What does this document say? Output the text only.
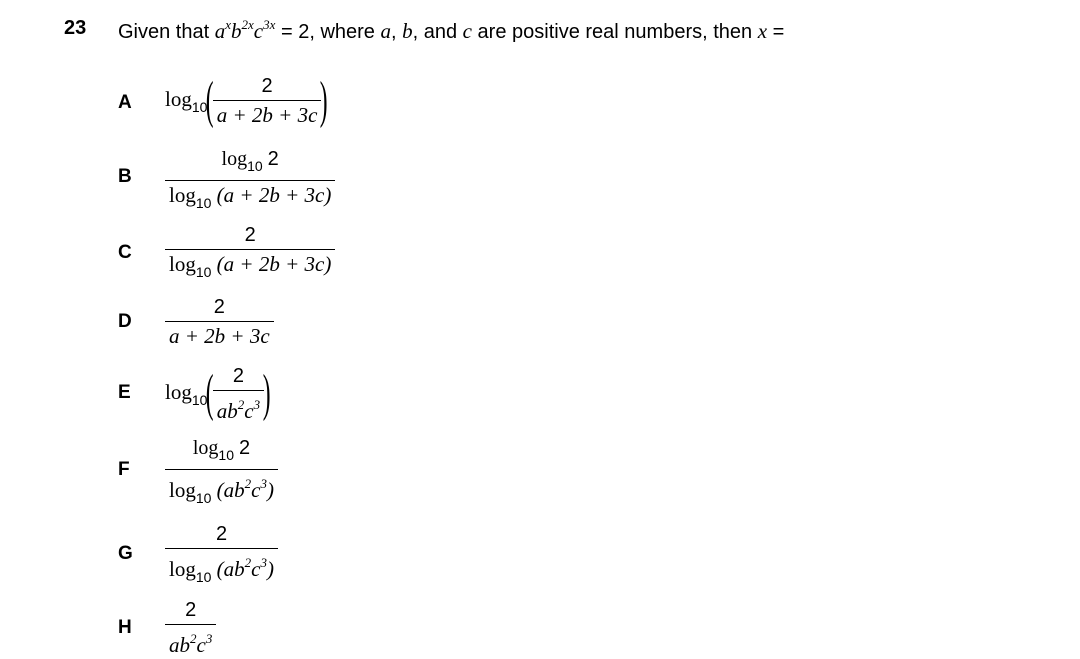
23 Given that $a^xb^{2x}c^{3x} = 2$, where a, b, and c are positive real numbers, then x =
A $\log_{10}$
(
$\frac{2}{a + 2b + 3c}$
)
B $\frac{\log_{10} 2}{\log_{10} (a + 2b + 3c)}$
C $\frac{2}{\log_{10} (a + 2b + 3c)}$
D $\frac{2}{a + 2b + 3c}$
E $\log_{10}$
(
$\frac{2}{ab^2c^3}$
)
F $\frac{\log_{10} 2}{\log_{10} (ab^2c^3)}$
G $\frac{2}{\log_{10} (ab^2c^3)}$
H $\frac{2}{ab^2c^3}$
